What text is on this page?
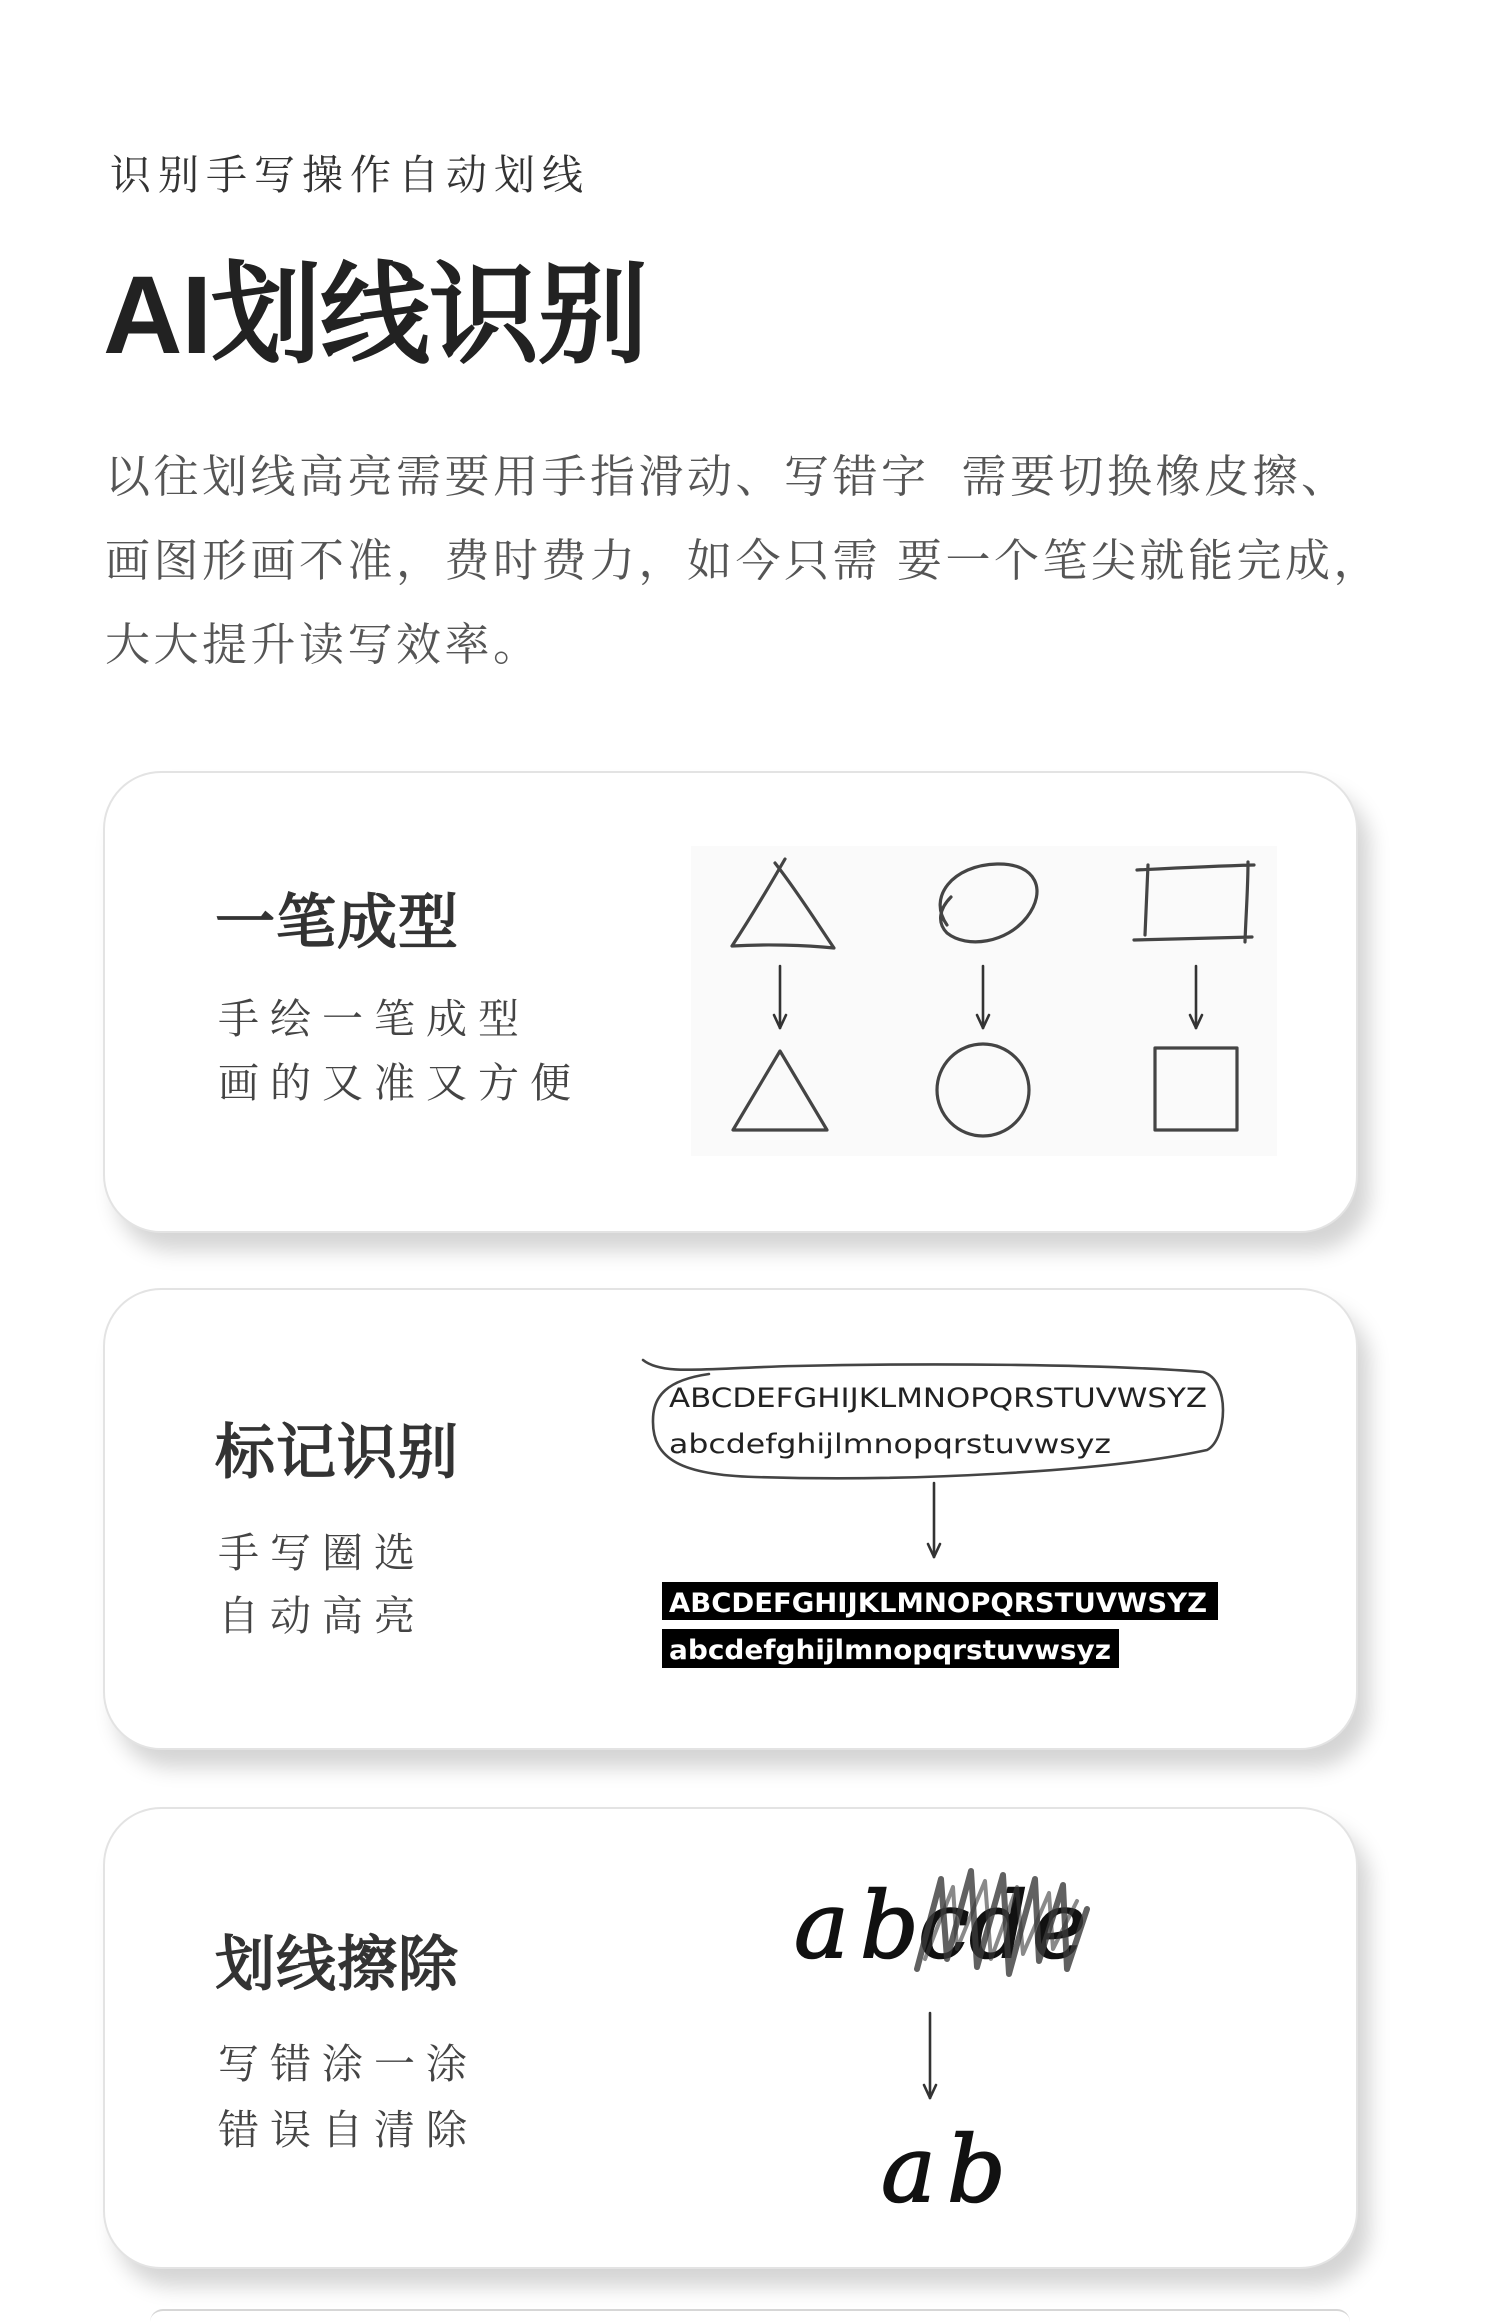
识别手写操作自动划线
AI划线识别
以往划线高亮需要用手指滑动、写错字  需要切换橡皮擦、
画图形画不准，费时费力，如今只需 要一个笔尖就能完成，
大大提升读写效率。
一笔成型
手绘一笔成型
画的又准又方便
标记识别
手写圈选
自动高亮
ABCDEFGHIJKLMNOPQRSTUVWSYZ
abcdefghijlmnopqrstuvwsyz
ABCDEFGHIJKLMNOPQRSTUVWSYZ
abcdefghijlmnopqrstuvwsyz
划线擦除
写错涂一涂
错误自清除
a b c d e
a b
